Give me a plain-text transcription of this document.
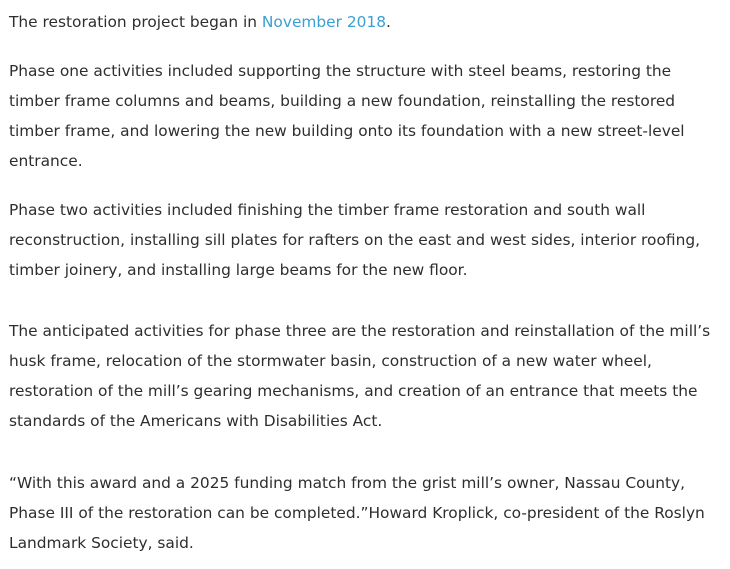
The restoration project began in November 2018.

Phase one activities included supporting the structure with steel beams, restoring the timber frame columns and beams, building a new foundation, reinstalling the restored timber frame, and lowering the new building onto its foundation with a new street-level entrance.

Phase two activities included finishing the timber frame restoration and south wall reconstruction, installing sill plates for rafters on the east and west sides, interior roofing, timber joinery, and installing large beams for the new floor.

The anticipated activities for phase three are the restoration and reinstallation of the mill’s husk frame, relocation of the stormwater basin, construction of a new water wheel, restoration of the mill’s gearing mechanisms, and creation of an entrance that meets the standards of the Americans with Disabilities Act.

“With this award and a 2025 funding match from the grist mill’s owner, Nassau County, Phase III of the restoration can be completed.”Howard Kroplick, co-president of the Roslyn Landmark Society, said.
